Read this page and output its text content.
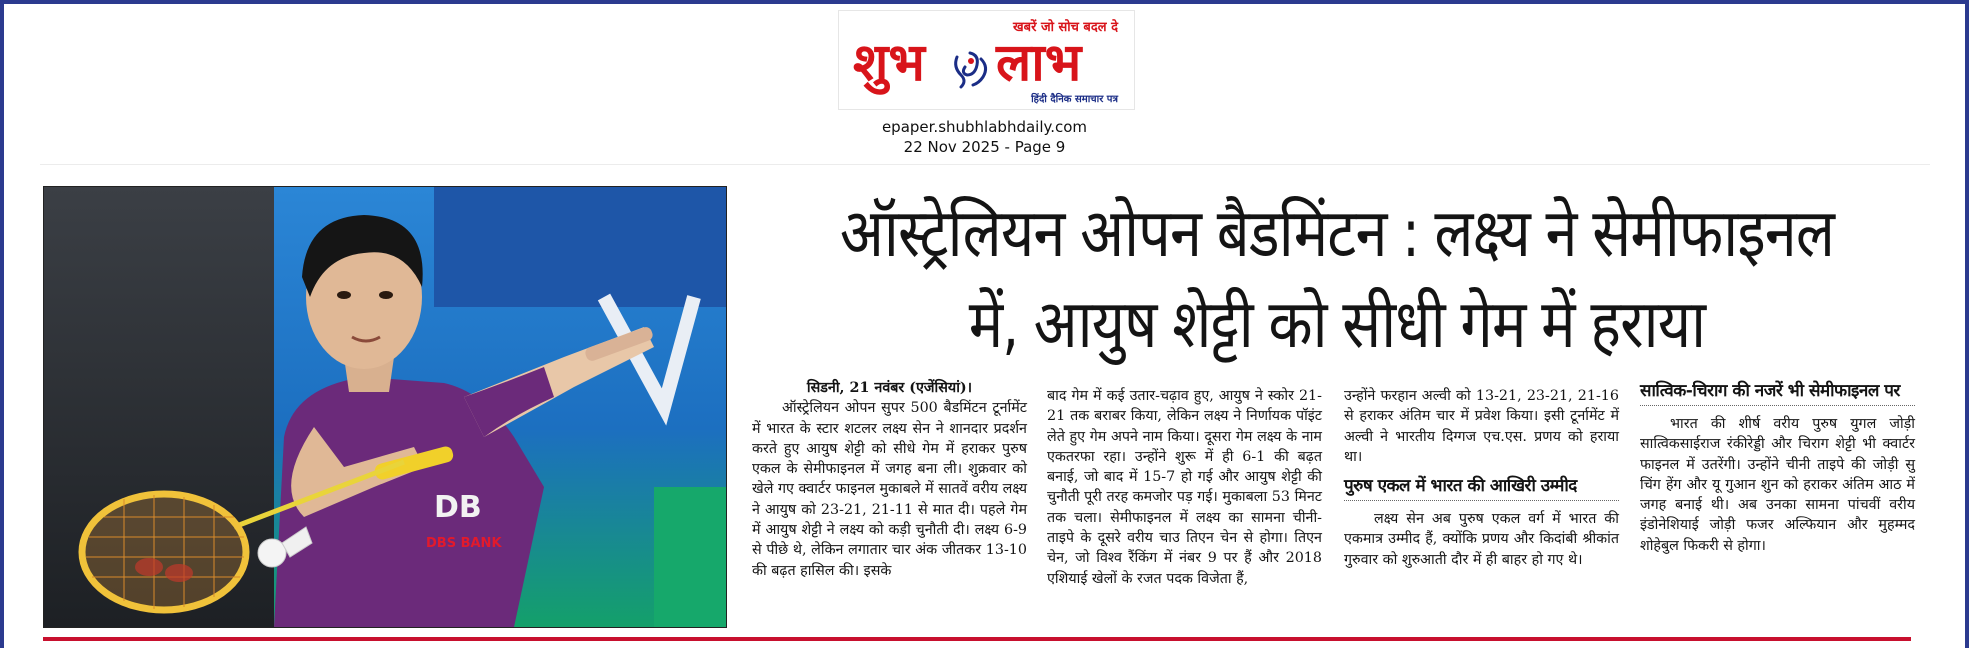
खबरें जो सोच बदल दे
शुभ लाभ
हिंदी दैनिक समाचार पत्र
epaper.shubhlabhdaily.com
22 Nov 2025 - Page 9
DB
DBS BANK
ऑस्ट्रेलियन ओपन बैडमिंटन : लक्ष्य ने सेमीफाइनल
में, आयुष शेट्टी को सीधी गेम में हराया

सिडनी, 21 नवंबर (एजेंसियां)।

ऑस्ट्रेलियन ओपन सुपर 500 बैडमिंटन टूर्नामेंट में भारत के स्टार शटलर लक्ष्य सेन ने शानदार प्रदर्शन करते हुए आयुष शेट्टी को सीधे गेम में हराकर पुरुष एकल के सेमीफाइनल में जगह बना ली। शुक्रवार को खेले गए क्वार्टर फाइनल मुकाबले में सातवें वरीय लक्ष्य ने आयुष को 23-21, 21-11 से मात दी। पहले गेम में आयुष शेट्टी ने लक्ष्य को कड़ी चुनौती दी। लक्ष्य 6-9 से पीछे थे, लेकिन लगातार चार अंक जीतकर 13-10 की बढ़त हासिल की। इसके

बाद गेम में कई उतार-चढ़ाव हुए, आयुष ने स्कोर 21-21 तक बराबर किया, लेकिन लक्ष्य ने निर्णायक पॉइंट लेते हुए गेम अपने नाम किया। दूसरा गेम लक्ष्य के नाम एकतरफा रहा। उन्होंने शुरू में ही 6-1 की बढ़त बनाई, जो बाद में 15-7 हो गई और आयुष शेट्टी की चुनौती पूरी तरह कमजोर पड़ गई। मुकाबला 53 मिनट तक चला। सेमीफाइनल में लक्ष्य का सामना चीनी-ताइपे के दूसरे वरीय चाउ तिएन चेन से होगा। तिएन चेन, जो विश्व रैंकिंग में नंबर 9 पर हैं और 2018 एशियाई खेलों के रजत पदक विजेता हैं,

उन्होंने फरहान अल्वी को 13-21, 23-21, 21-16 से हराकर अंतिम चार में प्रवेश किया। इसी टूर्नामेंट में अल्वी ने भारतीय दिग्गज एच.एस. प्रणय को हराया था।

पुरुष एकल में भारत की आखिरी उम्मीद

लक्ष्य सेन अब पुरुष एकल वर्ग में भारत की एकमात्र उम्मीद हैं, क्योंकि प्रणय और किदांबी श्रीकांत गुरुवार को शुरुआती दौर में ही बाहर हो गए थे।

सात्विक-चिराग की नजरें भी सेमीफाइनल पर

भारत की शीर्ष वरीय पुरुष युगल जोड़ी सात्विकसाईराज रंकीरेड्डी और चिराग शेट्टी भी क्वार्टर फाइनल में उतरेंगी। उन्होंने चीनी ताइपे की जोड़ी सु चिंग हेंग और यू गुआन शुन को हराकर अंतिम आठ में जगह बनाई थी। अब उनका सामना पांचवीं वरीय इंडोनेशियाई जोड़ी फजर अल्फियान और मुहम्मद शोहेबुल फिकरी से होगा।
